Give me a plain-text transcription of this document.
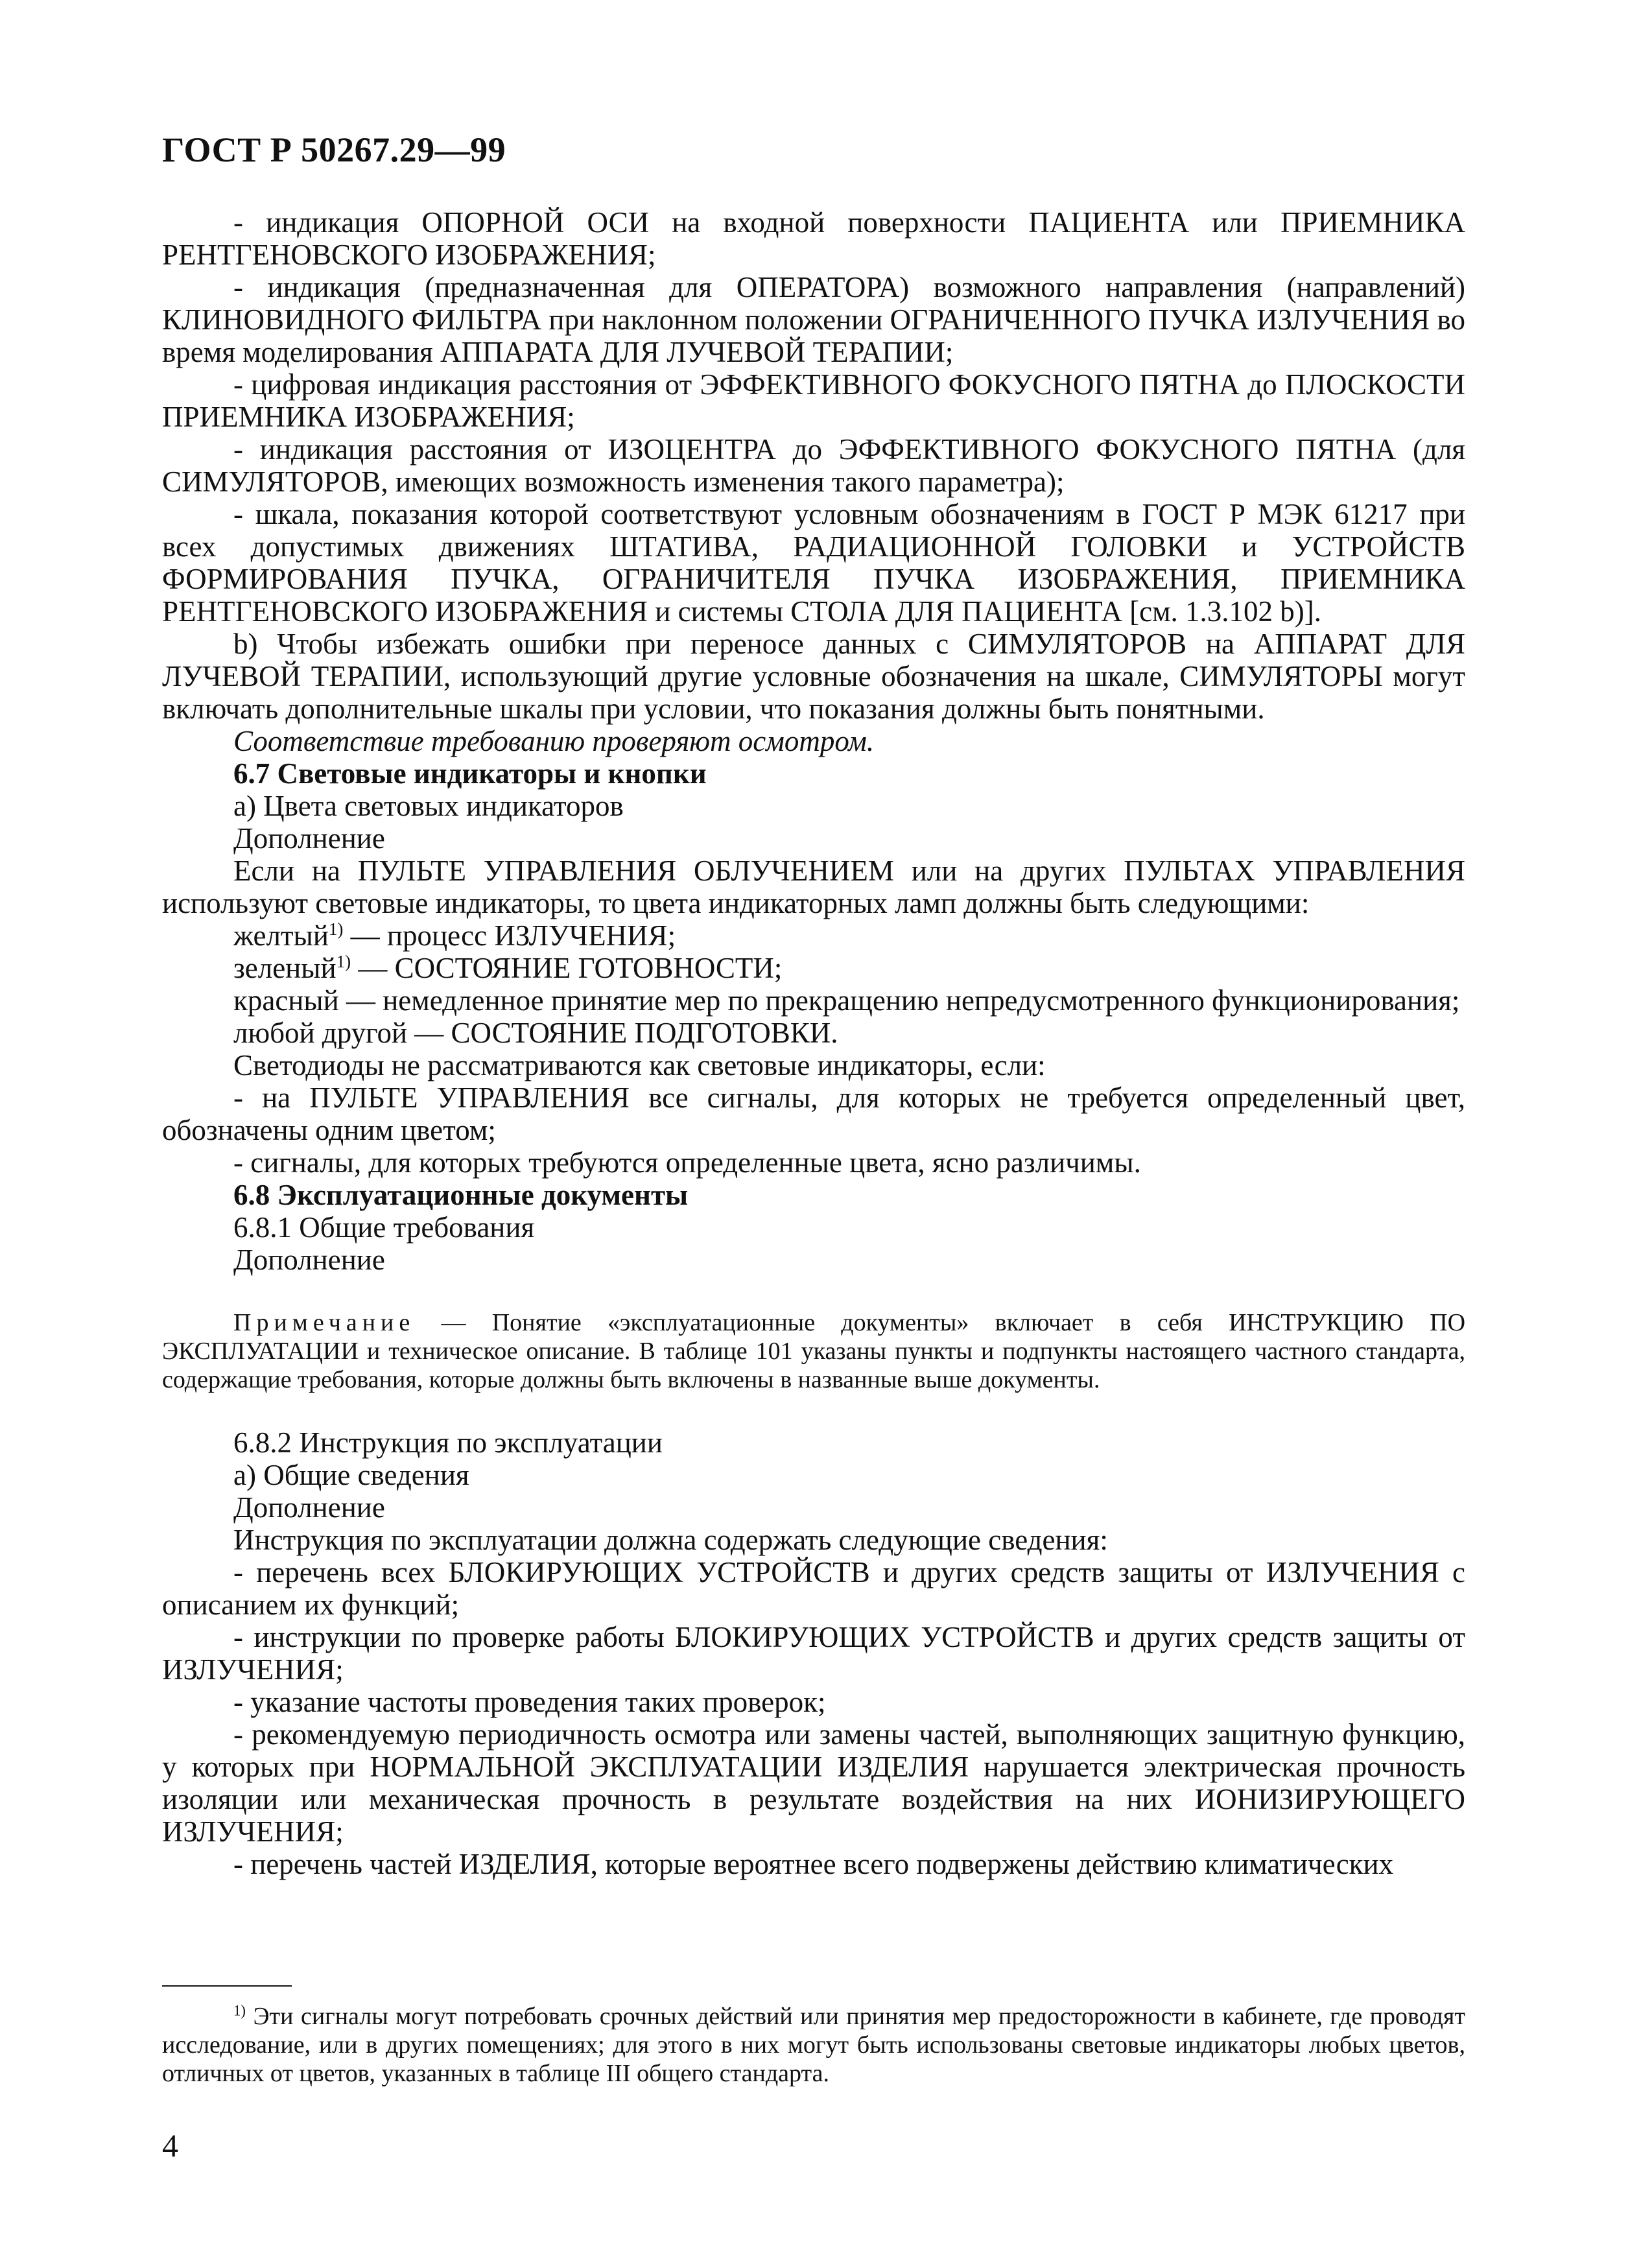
ГОСТ Р 50267.29—99

- индикация ОПОРНОЙ ОСИ на входной поверхности ПАЦИЕНТА или ПРИЕМНИКА РЕНТГЕНОВСКОГО ИЗОБРАЖЕНИЯ;

- индикация (предназначенная для ОПЕРАТОРА) возможного направления (направлений) КЛИНОВИДНОГО ФИЛЬТРА при наклонном положении ОГРАНИЧЕННОГО ПУЧКА ИЗЛУЧЕНИЯ во время моделирования АППАРАТА ДЛЯ ЛУЧЕВОЙ ТЕРАПИИ;

- цифровая индикация расстояния от ЭФФЕКТИВНОГО ФОКУСНОГО ПЯТНА до ПЛОСКОСТИ ПРИЕМНИКА ИЗОБРАЖЕНИЯ;

- индикация расстояния от ИЗОЦЕНТРА до ЭФФЕКТИВНОГО ФОКУСНОГО ПЯТНА (для СИМУЛЯТОРОВ, имеющих возможность изменения такого параметра);

- шкала, показания которой соответствуют условным обозначениям в ГОСТ Р МЭК 61217 при всех допустимых движениях ШТАТИВА, РАДИАЦИОННОЙ ГОЛОВКИ и УСТРОЙСТВ ФОРМИРОВАНИЯ ПУЧКА, ОГРАНИЧИТЕЛЯ ПУЧКА ИЗОБРАЖЕНИЯ, ПРИЕМНИКА РЕНТГЕНОВСКОГО ИЗОБРАЖЕНИЯ и системы СТОЛА ДЛЯ ПАЦИЕНТА [см. 1.3.102 b)].

b) Чтобы избежать ошибки при переносе данных с СИМУЛЯТОРОВ на АППАРАТ ДЛЯ ЛУЧЕВОЙ ТЕРАПИИ, использующий другие условные обозначения на шкале, СИМУЛЯТОРЫ могут включать дополнительные шкалы при условии, что показания должны быть понятными.

Соответствие требованию проверяют осмотром.

6.7 Световые индикаторы и кнопки

а) Цвета световых индикаторов

Дополнение

Если на ПУЛЬТЕ УПРАВЛЕНИЯ ОБЛУЧЕНИЕМ или на других ПУЛЬТАХ УПРАВЛЕНИЯ используют световые индикаторы, то цвета индикаторных ламп должны быть следующими:

желтый$^{1)}$ — процесс ИЗЛУЧЕНИЯ;

зеленый$^{1)}$ — СОСТОЯНИЕ ГОТОВНОСТИ;

красный — немедленное принятие мер по прекращению непредусмотренного функционирования;

любой другой — СОСТОЯНИЕ ПОДГОТОВКИ.

Светодиоды не рассматриваются как световые индикаторы, если:

- на ПУЛЬТЕ УПРАВЛЕНИЯ все сигналы, для которых не требуется определенный цвет, обозначены одним цветом;

- сигналы, для которых требуются определенные цвета, ясно различимы.

6.8 Эксплуатационные документы

6.8.1 Общие требования

Дополнение

Примечание — Понятие «эксплуатационные документы» включает в себя ИНСТРУКЦИЮ ПО ЭКСПЛУАТАЦИИ и техническое описание. В таблице 101 указаны пункты и подпункты настоящего частного стандарта, содержащие требования, которые должны быть включены в названные выше документы.

6.8.2 Инструкция по эксплуатации

а) Общие сведения

Дополнение

Инструкция по эксплуатации должна содержать следующие сведения:

- перечень всех БЛОКИРУЮЩИХ УСТРОЙСТВ и других средств защиты от ИЗЛУЧЕНИЯ с описанием их функций;

- инструкции по проверке работы БЛОКИРУЮЩИХ УСТРОЙСТВ и других средств защиты от ИЗЛУЧЕНИЯ;

- указание частоты проведения таких проверок;

- рекомендуемую периодичность осмотра или замены частей, выполняющих защитную функцию, у которых при НОРМАЛЬНОЙ ЭКСПЛУАТАЦИИ ИЗДЕЛИЯ нарушается электрическая прочность изоляции или механическая прочность в результате воздействия на них ИОНИЗИРУЮЩЕГО ИЗЛУЧЕНИЯ;

- перечень частей ИЗДЕЛИЯ, которые вероятнее всего подвержены действию климатических

$^{1)}$ Эти сигналы могут потребовать срочных действий или принятия мер предосторожности в кабинете, где проводят исследование, или в других помещениях; для этого в них могут быть использованы световые индикаторы любых цветов, отличных от цветов, указанных в таблице III общего стандарта.

4
